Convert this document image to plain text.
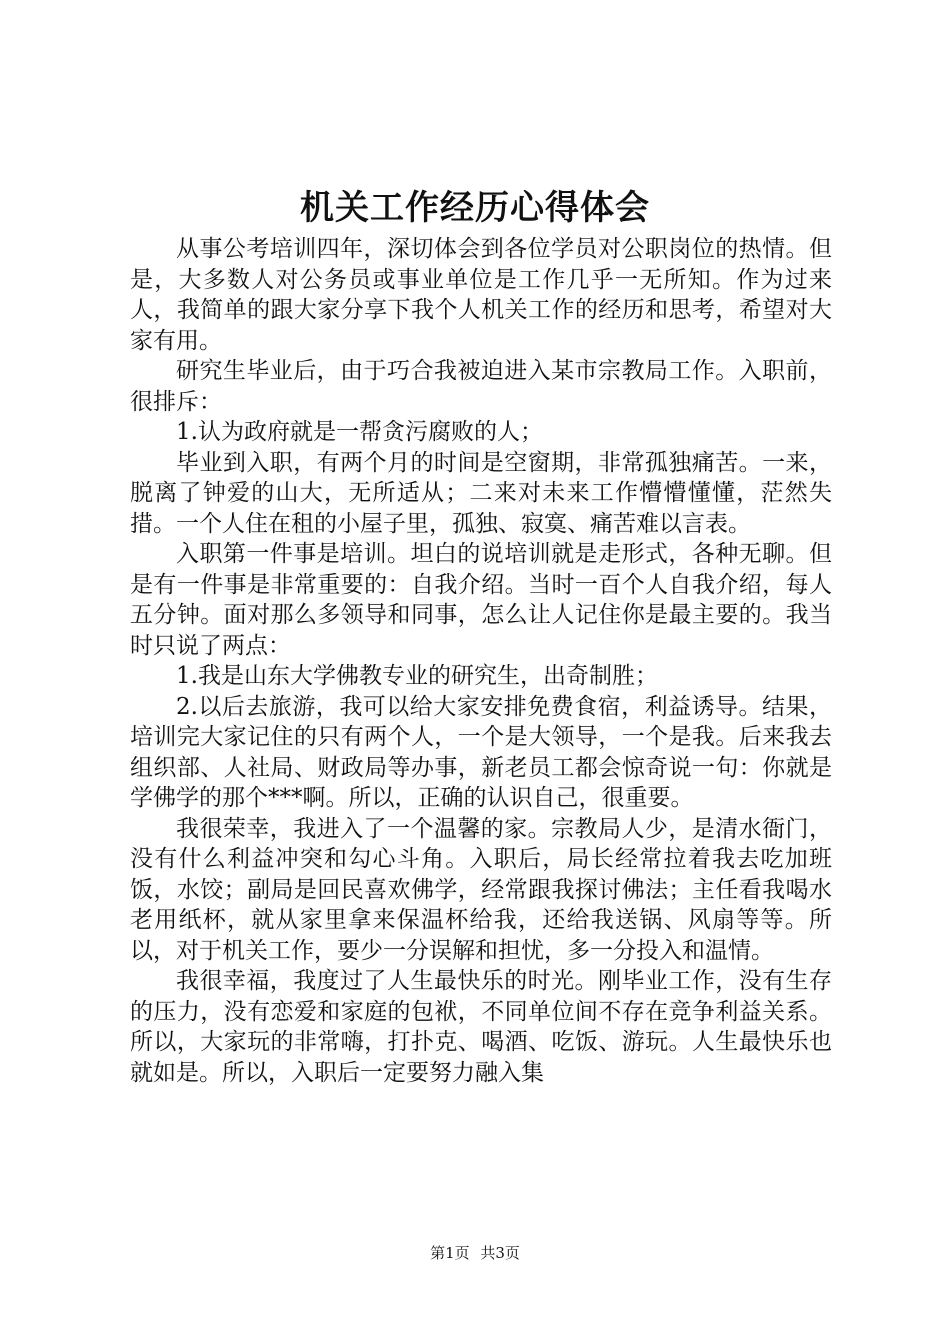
机关工作经历心得体会

从事公考培训四年，深切体会到各位学员对公职岗位的热情。但是，大多数人对公务员或事业单位是工作几乎一无所知。作为过来人，我简单的跟大家分享下我个人机关工作的经历和思考，希望对大家有用。

研究生毕业后，由于巧合我被迫进入某市宗教局工作。入职前，很排斥：

1.认为政府就是一帮贪污腐败的人；

毕业到入职，有两个月的时间是空窗期，非常孤独痛苦。一来，脱离了钟爱的山大，无所适从；二来对未来工作懵懵懂懂，茫然失措。一个人住在租的小屋子里，孤独、寂寞、痛苦难以言表。

入职第一件事是培训。坦白的说培训就是走形式，各种无聊。但是有一件事是非常重要的：自我介绍。当时一百个人自我介绍，每人五分钟。面对那么多领导和同事，怎么让人记住你是最主要的。我当时只说了两点：

1.我是山东大学佛教专业的研究生，出奇制胜；

2.以后去旅游，我可以给大家安排免费食宿，利益诱导。结果，培训完大家记住的只有两个人，一个是大领导，一个是我。后来我去组织部、人社局、财政局等办事，新老员工都会惊奇说一句：你就是学佛学的那个***啊。所以，正确的认识自己，很重要。

我很荣幸，我进入了一个温馨的家。宗教局人少，是清水衙门，没有什么利益冲突和勾心斗角。入职后，局长经常拉着我去吃加班饭，水饺；副局是回民喜欢佛学，经常跟我探讨佛法；主任看我喝水老用纸杯，就从家里拿来保温杯给我，还给我送锅、风扇等等。所以，对于机关工作，要少一分误解和担忧，多一分投入和温情。

我很幸福，我度过了人生最快乐的时光。刚毕业工作，没有生存的压力，没有恋爱和家庭的包袱，不同单位间不存在竞争利益关系。所以，大家玩的非常嗨，打扑克、喝酒、吃饭、游玩。人生最快乐也就如是。所以，入职后一定要努力融入集

第1页 共3页
